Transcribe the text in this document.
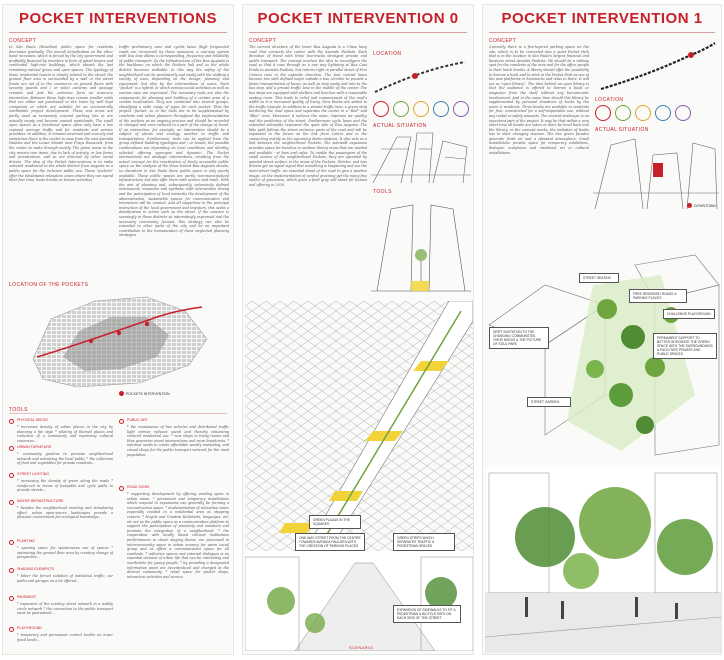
POCKET INTERVENTIONS
CONCEPT
In São Paulo (Brazilian) public space for residents decreases gradually. The overall densification on the other hand increases, which is forced by the city government and profitably financed by investors in form of gated towers and residential high-rise buildings, which absorb the last remaining natural green and open spaces. The typology of these residential towers is closely related to the street: the ground floor area is surrounded by a wall or the street fronts are not of to the commerce on ground floors with security guards and / or video cameras and passage remains and just the entrance form an unsecure interaction. Between these high-rises remain smaller voids that are either not purchased or the lower by well kept companies or which are suitable for an economically worthwhile project development. These rest areas are partly used as temporary covered parking lots or are actually empty and become unused wastelands. The small open spaces as a functional space often only have a low regional average traffic and for residents and service providers. In addition, it remains unversed and scarcely and sometimes there is the center to ease from the east Avenida Paulista and the Lower Monde near Praça Roosevelt, from the center to make through mostly. The green areas in the city remain rare items, due to lack of activity, or low forms and privatization, and so are directed by other social drivers. The idea of the Pocket Interventions is to make selected residential to the whole district from Augusta as a public space for the inclusive public use. These "pockets" offer the inhabitants relaxation zones where they can spend their free time, hosts breaks or leisure activities.
traffic preliminary zone and cyclist lanes (high frequented roads are recovered) by these measures, a one-way system with less lane allows a corresponding, frequency and reliability of public transport. So the infrastructure of the Rua Augusta is the backbone on which the Pockets link and so the whole district becomes walkable. In this way the safety of the neighborhood can be prominently and easily with the shifting a variety of uses, depending on the design, planning and equipment, but also by the interventions of users. Each "pocket" is a hybrid, in which various social activities as well as various uses are expressed. The necessary tools are also the components for planning and building of a certain area of a certain localization. They are combined into several groups, classifying a wide range of types for each pocket. Thus the project "pocket, so in the tools are to be supplemented by residents and urban planners throughout the implementation of the pockets as an ongoing process and should be recorded or changed and even reduced in a part of the change of trend. If an interaction, for example, an intervention should be a subject of plants and ecology, another to traffic and transportation. Furthermore, tools can be applied from the group defined building typologies and / or tenant, the possible combinations are depending on local conditions and identity, selected offering synergies and dynamic. The Pocket interventions are strategic interventions, resulting from the actual concept for the reactivation of freely accessible public space on the analysis of the three transit Rua Augusta streets, so elsewhere in São Paulo there public space is only poorly available. These public spaces are partly non-municipalized infrastructure but also offer them with service and trade. With the aim of planning and, subsequently, extensively defined instruments, measures and synthetic with intervention timing and the participation of local networks the development of the administration, sustainable spaces for communication and interaction will be created. And all supportive in the principal instruction of the local government and investors, this seeks a densification in action such as the street. If the essence is seemingly in these districts so interestingly expressed and the necessary community focuses, this strategy can also be extended to other parts of the city and be an important contribution to the humanization of these neglected planning strategies.
LOCATION OF THE POCKETS
POCKETS INTERVENTION
TOOLS
PHYSICAL SEEDS
* increases density of urban places in the city by planning a fan style * piloting of themed places and reduction of a community and improving cultural resources...
URBAN FURNITURE
* community gardens to promote neighborhood network and activating the local public * the collection of food and vegetables for private residents...
STREET LIGHTING
* increasing the density of green along the roads * reinforced in terms of footpaths and cycle paths to provide streets...
WATER INFRASTRUCTURE
* besides the neighborhood meeting and stimulating effect, urban open-source landscapes provide a pleasant environment for ecological knowledge...
PLANTING
* opening space for spontaneous use of spaces * optimizing the ground floor area by creating change of perspective...
SHADING ELEMENTS
* bitter the forced isolation of individual traffic, car paths and garages on a lot offered...
PAVEMENT
* expansion of the existing street network in a widely circle network * the connection to the public transport must be guaranteed...
PLAYGROUND
* temporary and permanent control booths on lower fossil levels...
PUBLIC ART
* the renaissance of bus vehicles and distributed traffic light entries reduces speed and thereby enhancing reduced residential use. * new shops in living rooms and thus generates street interventions and more broadcasts. * informal needs to create affordable weekly marketing, and casual shops for the public transport network for the most population.
ROAD SIGNS
* supporting development by offering vending spots in urban areas. * permanent and temporary installations which respond to expansions can generally be forming a reconstruction space. * implementation of relocation zones especially created in a residential area as stopping centers. * bicycle and Creative Kickstarts, languages, art, etc act as the public space as a communication platform to support the participation of proximity and members and promote the integration of a neighborhood. * the cooperation with locally based cultural institutions performances in closer staging theme, are processed in intercommunity space in urban scenery for warm social group and as offers a communication space for all residents. * reflective spaces and external dialogues is an essential element of urban life that can be interesting and worthwhile for young people. * by providing a designated information point are decentralized and changed at the desired community. * retail space for pocket shops, interactive activities and service.
POCKET INTERVENTION 0
CONCEPT
The current structure of the lower Rua Augusta is a 3-lane busy road that connects the center with the Avenida Paulista. Each direction of travel with three two-tracks strongest private and public transport. The concept involves the idea to reconfigure the road so that it runs through as a one way lightning at Rua Caio Prado to Avenida Paulista, but returns right in parallel street of Frei Caneca runs in the opposite direction. The four central lanes become two with defined major outside a two corridor to provide a faster transportation of buses, as well as stop easily and into to the bus stop, and a private traffic lane in the middle of the center. The bus stops are equipped with shelters and benches with a reasonable seating room. This leads to relief and reassessment of the road's width so it is increased quality of living. New blocks are added to the traffic triangle. In addition to a private traffic lane, a green strip bordering the road space and separates the center in a "Red" and "Blue" zone. Moreover, it reduces the noise, improves air quality, and the aesthetics of the street. Furthermore cycle lanes and the extended sidewalks represent the quiet side of Rua Augusta. The bike path follows the street entrance parts of the road and will be expanded in the future as the link from Centro and in the connecting mainly as the upcoming Metro stations. It also acts as a link between the neighborhood Pockets. The sidewalk expansion provides space for benches or outdoor dining areas that are needed and available - at bars and cafes. To enable the passengers of the small sectors of the neighborhood Pockets, they are operated by painted street surface in the areas of the Pockets. Stricter, and less drivers get an signal signal that something is happening and see the muni-street traffic. An essential detail of the road to give a positive image, on the implementation of central greening get the many fine and/or of greenness, which gives a field gray will stand for human and offering in 2030.
LOCATION
ACTUAL SITUATION
TOOLS
GREEN PLAZAS IN THE SQUARES
ONE-WAY STREET FROM THE CENTRE TOWARDS AVENIDA PAULISTA WITH THE CREATION OF PARKING PLACES
GREEN STRIPS WHICH SEPARATES TRAFFIC & PEDESTRIAN SPACES
EXPANSION OF SIDEWALKS TO FIT A PEDESTRIAN & BICYCLE PATH ON EACH SIDE OF THE STREET
SCENARIO
POCKET INTERVENTION 1
CONCEPT
Currently there is a five-layered parking space on the site, which is to be converted into a quiet Pocket Park that is in the location in São Paulo's largest financial and business street Avenida Paulista. We should be a railway spot for the residents of the area and for the office people in their lunch breaks. A library should offer the possibility to borrow a book and to stick in the Pocket Park as one of the new platforms or hammocks and relax in there. It will act as "open library". The idea behind an open library is that the audience is offered to borrow a book or magazine from the shelf without any bureaucratic involvement. And in the same time should this library be supplemented by personal donations of books by the users & residents. Three kiosks are available to residents for free, unrestricted for a self-responsible use, without any rental or safety amounts. The ancient landscape is an important part of the project. It may be that within a very short time all kiosks are taken or don't be lined back into the library, or the concept works, the initiation of books has to start changing reasons. The two green facades generate fresh air and a pleasant atmosphere. Small installations provide space for temporary exhibitions, dialogue, sculptures and rotational art or cultural installations.
LOCATION
ACTUAL SITUATION
DOWNTOWN
STREET SEATING
FREE RESERVED ROADS & PARKING PLACES
CHALLENGE PLAYGROUND
DRIFT INVITATION TO THE CHANGING COMMUNITIES, THEIR NEEDS & THE PICTURE OF SOUL PARK
PERMANENT SUPPORT TO BETTER INTEGRATE THE GREEN SPACE WITH THE SURROUNDINGS & FACILITATE PRIVATE AND PUBLIC SPACES
STREET GARDEN
